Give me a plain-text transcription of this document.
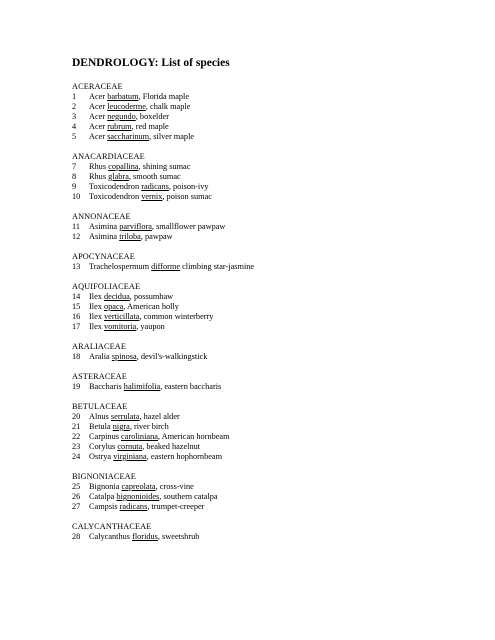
DENDROLOGY: List of species
ACERACEAE
1 Acer barbatum, Florida maple
2 Acer leucoderme, chalk maple
3 Acer negundo, boxelder
4 Acer rubrum, red maple
5 Acer saccharinum, silver maple
ANACARDIACEAE
7 Rhus copallina, shining sumac
8 Rhus glabra, smooth sumac
9 Toxicodendron radicans, poison-ivy
10 Toxicodendron vernix, poison sumac
ANNONACEAE
11 Asimina parviflora, smallflower pawpaw
12 Asimina triloba, pawpaw
APOCYNACEAE
13 Trachelospermum difforme climbing star-jasmine
AQUIFOLIACEAE
14 Ilex decidua, possumhaw
15 Ilex opaca, American holly
16 Ilex verticillata, common winterberry
17 Ilex vomitoria, yaupon
ARALIACEAE
18 Aralia spinosa, devil's-walkingstick
ASTERACEAE
19 Baccharis halimifolia, eastern baccharis
BETULACEAE
20 Alnus serrulata, hazel alder
21 Betula nigra, river birch
22 Carpinus caroliniana, American hornbeam
23 Corylus cornuta, beaked hazelnut
24 Ostrya virginiana, eastern hophornbeam
BIGNONIACEAE
25 Bignonia capreolata, cross-vine
26 Catalpa bignonioides, southern catalpa
27 Campsis radicans, trumpet-creeper
CALYCANTHACEAE
28 Calycanthus floridus, sweetshrub
